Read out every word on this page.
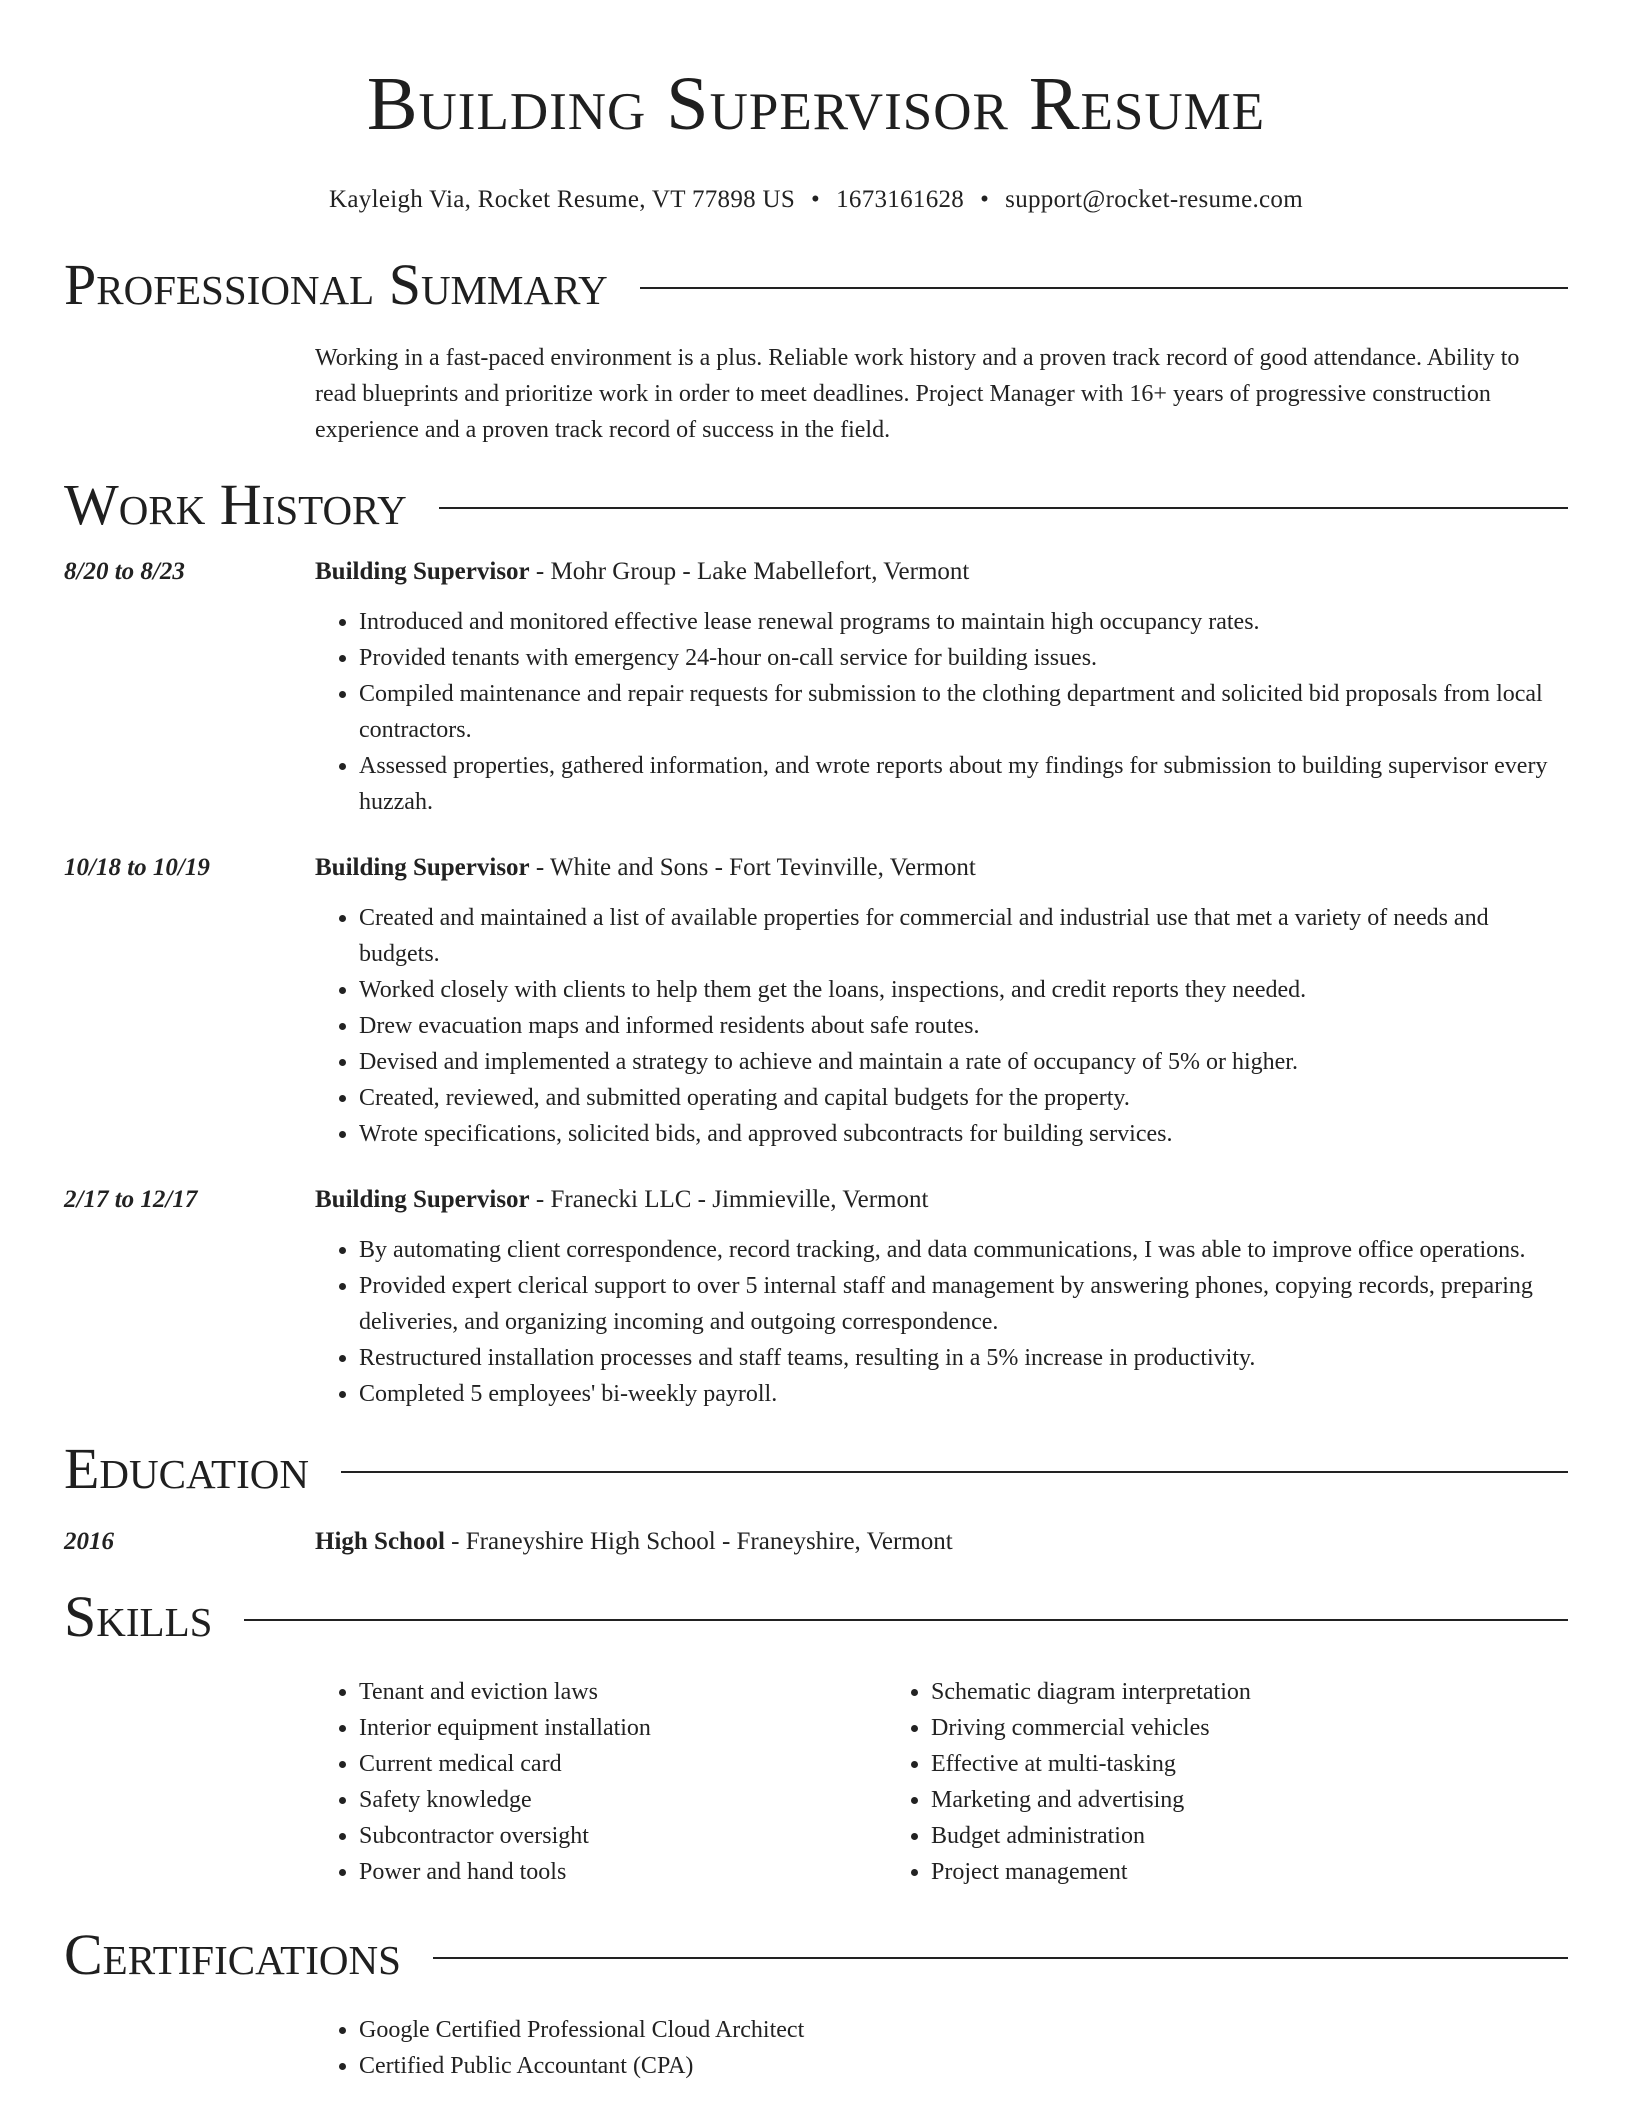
Building Supervisor Resume
Kayleigh Via, Rocket Resume, VT 77898 US • 1673161628 • support@rocket-resume.com
Professional Summary
Working in a fast-paced environment is a plus. Reliable work history and a proven track record of good attendance. Ability to read blueprints and prioritize work in order to meet deadlines. Project Manager with 16+ years of progressive construction experience and a proven track record of success in the field.
Work History
8/20 to 8/23	Building Supervisor - Mohr Group - Lake Mabellefort, Vermont
• Introduced and monitored effective lease renewal programs to maintain high occupancy rates.
• Provided tenants with emergency 24-hour on-call service for building issues.
• Compiled maintenance and repair requests for submission to the clothing department and solicited bid proposals from local contractors.
• Assessed properties, gathered information, and wrote reports about my findings for submission to building supervisor every huzzah.
10/18 to 10/19	Building Supervisor - White and Sons - Fort Tevinville, Vermont
• Created and maintained a list of available properties for commercial and industrial use that met a variety of needs and budgets.
• Worked closely with clients to help them get the loans, inspections, and credit reports they needed.
• Drew evacuation maps and informed residents about safe routes.
• Devised and implemented a strategy to achieve and maintain a rate of occupancy of 5% or higher.
• Created, reviewed, and submitted operating and capital budgets for the property.
• Wrote specifications, solicited bids, and approved subcontracts for building services.
2/17 to 12/17	Building Supervisor - Franecki LLC - Jimmieville, Vermont
• By automating client correspondence, record tracking, and data communications, I was able to improve office operations.
• Provided expert clerical support to over 5 internal staff and management by answering phones, copying records, preparing deliveries, and organizing incoming and outgoing correspondence.
• Restructured installation processes and staff teams, resulting in a 5% increase in productivity.
• Completed 5 employees' bi-weekly payroll.
Education
2016	High School - Franeyshire High School - Franeyshire, Vermont
Skills
• Tenant and eviction laws
• Interior equipment installation
• Current medical card
• Safety knowledge
• Subcontractor oversight
• Power and hand tools
• Schematic diagram interpretation
• Driving commercial vehicles
• Effective at multi-tasking
• Marketing and advertising
• Budget administration
• Project management
Certifications
• Google Certified Professional Cloud Architect
• Certified Public Accountant (CPA)
